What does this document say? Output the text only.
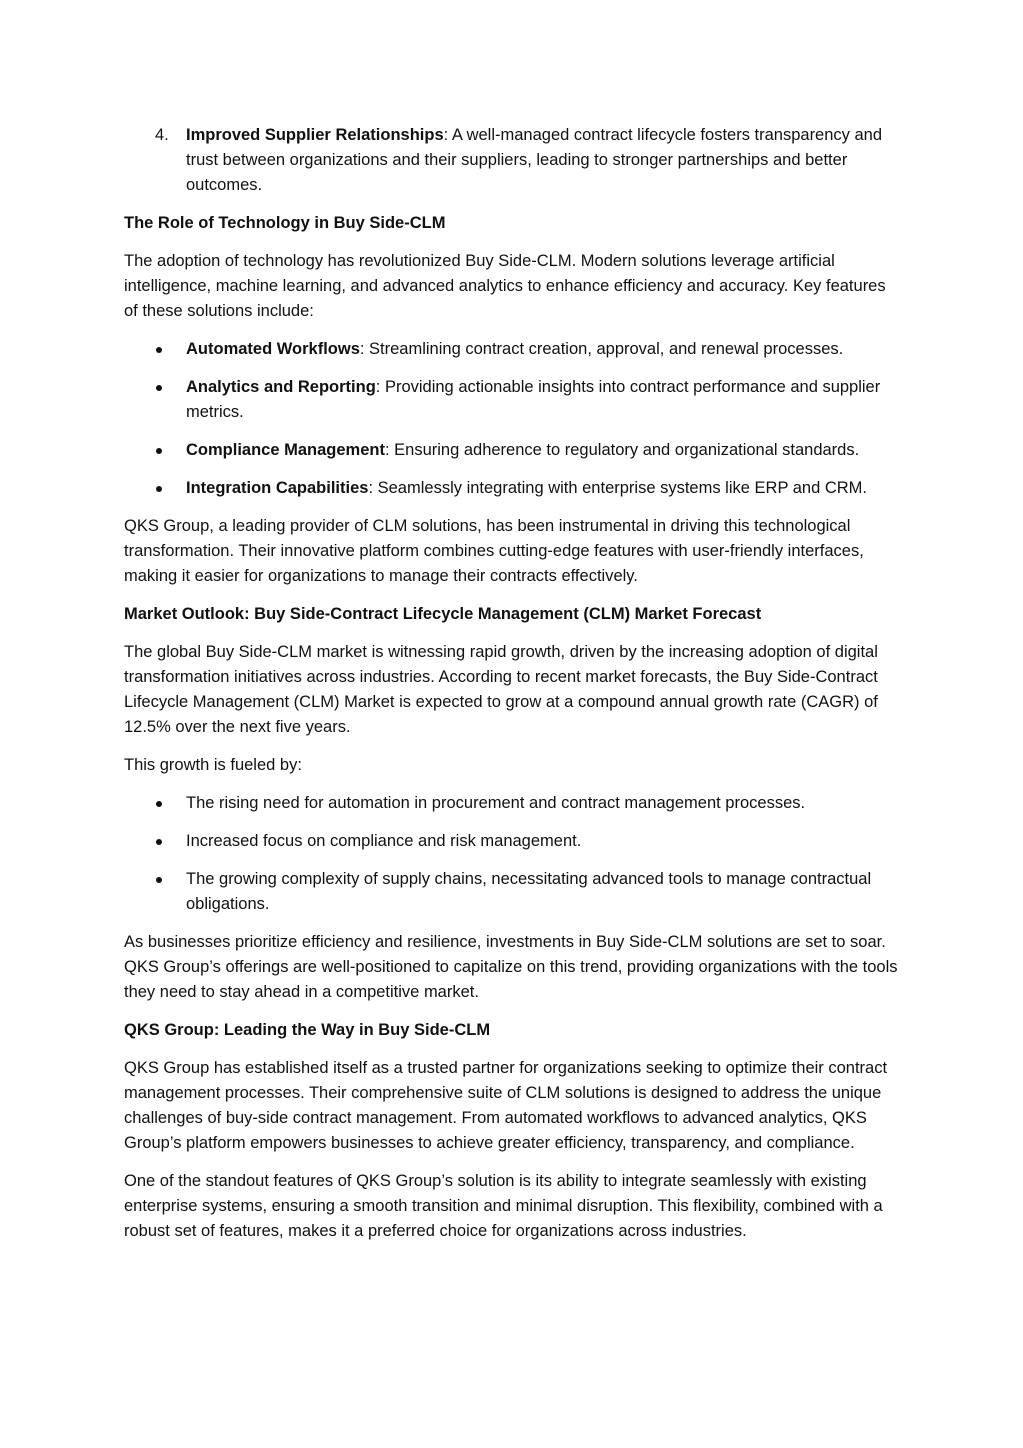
4. Improved Supplier Relationships: A well-managed contract lifecycle fosters transparency and trust between organizations and their suppliers, leading to stronger partnerships and better outcomes.
The Role of Technology in Buy Side-CLM

The adoption of technology has revolutionized Buy Side-CLM. Modern solutions leverage artificial intelligence, machine learning, and advanced analytics to enhance efficiency and accuracy. Key features of these solutions include:

Automated Workflows: Streamlining contract creation, approval, and renewal processes.
Analytics and Reporting: Providing actionable insights into contract performance and supplier metrics.
Compliance Management: Ensuring adherence to regulatory and organizational standards.
Integration Capabilities: Seamlessly integrating with enterprise systems like ERP and CRM.

QKS Group, a leading provider of CLM solutions, has been instrumental in driving this technological transformation. Their innovative platform combines cutting-edge features with user-friendly interfaces, making it easier for organizations to manage their contracts effectively.

Market Outlook: Buy Side-Contract Lifecycle Management (CLM) Market Forecast

The global Buy Side-CLM market is witnessing rapid growth, driven by the increasing adoption of digital transformation initiatives across industries. According to recent market forecasts, the Buy Side-Contract Lifecycle Management (CLM) Market is expected to grow at a compound annual growth rate (CAGR) of 12.5% over the next five years.

This growth is fueled by:

The rising need for automation in procurement and contract management processes.
Increased focus on compliance and risk management.
The growing complexity of supply chains, necessitating advanced tools to manage contractual obligations.

As businesses prioritize efficiency and resilience, investments in Buy Side-CLM solutions are set to soar. QKS Group’s offerings are well-positioned to capitalize on this trend, providing organizations with the tools they need to stay ahead in a competitive market.

QKS Group: Leading the Way in Buy Side-CLM

QKS Group has established itself as a trusted partner for organizations seeking to optimize their contract management processes. Their comprehensive suite of CLM solutions is designed to address the unique challenges of buy-side contract management. From automated workflows to advanced analytics, QKS Group’s platform empowers businesses to achieve greater efficiency, transparency, and compliance.

One of the standout features of QKS Group’s solution is its ability to integrate seamlessly with existing enterprise systems, ensuring a smooth transition and minimal disruption. This flexibility, combined with a robust set of features, makes it a preferred choice for organizations across industries.
